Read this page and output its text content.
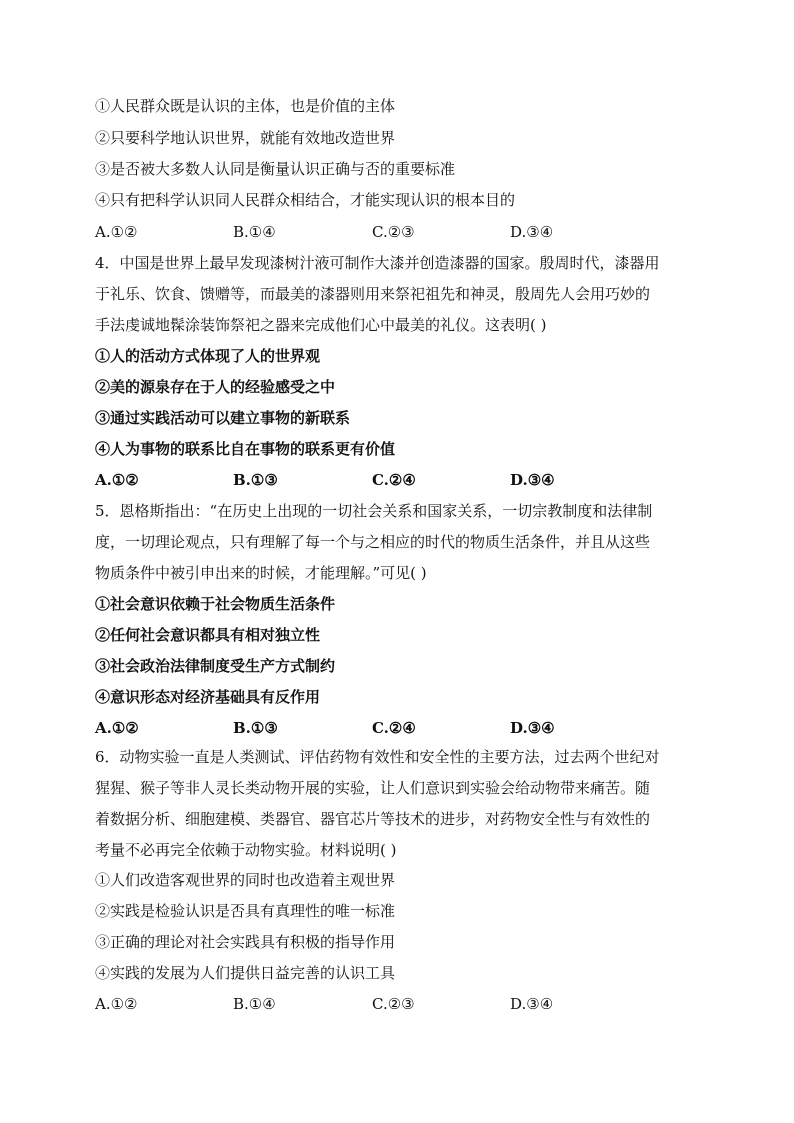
①人民群众既是认识的主体，也是价值的主体
②只要科学地认识世界，就能有效地改造世界
③是否被大多数人认同是衡量认识正确与否的重要标准
④只有把科学认识同人民群众相结合，才能实现认识的根本目的
A.①②	B.①④	C.②③	D.③④
4．中国是世界上最早发现漆树汁液可制作大漆并创造漆器的国家。殷周时代，漆器用
于礼乐、饮食、馈赠等，而最美的漆器则用来祭祀祖先和神灵，殷周先人会用巧妙的
手法虔诚地髹涂装饰祭祀之器来完成他们心中最美的礼仪。这表明( )
①人的活动方式体现了人的世界观
②美的源泉存在于人的经验感受之中
③通过实践活动可以建立事物的新联系
④人为事物的联系比自在事物的联系更有价值
A.①②	B.①③	C.②④	D.③④
5．恩格斯指出：“在历史上出现的一切社会关系和国家关系，一切宗教制度和法律制
度，一切理论观点，只有理解了每一个与之相应的时代的物质生活条件，并且从这些
物质条件中被引申出来的时候，才能理解。”可见( )
①社会意识依赖于社会物质生活条件
②任何社会意识都具有相对独立性
③社会政治法律制度受生产方式制约
④意识形态对经济基础具有反作用
A.①②	B.①③	C.②④	D.③④
6．动物实验一直是人类测试、评估药物有效性和安全性的主要方法，过去两个世纪对
猩猩、猴子等非人灵长类动物开展的实验，让人们意识到实验会给动物带来痛苦。随
着数据分析、细胞建模、类器官、器官芯片等技术的进步，对药物安全性与有效性的
考量不必再完全依赖于动物实验。材料说明( )
①人们改造客观世界的同时也改造着主观世界
②实践是检验认识是否具有真理性的唯一标准
③正确的理论对社会实践具有积极的指导作用
④实践的发展为人们提供日益完善的认识工具
A.①②	B.①④	C.②③	D.③④
